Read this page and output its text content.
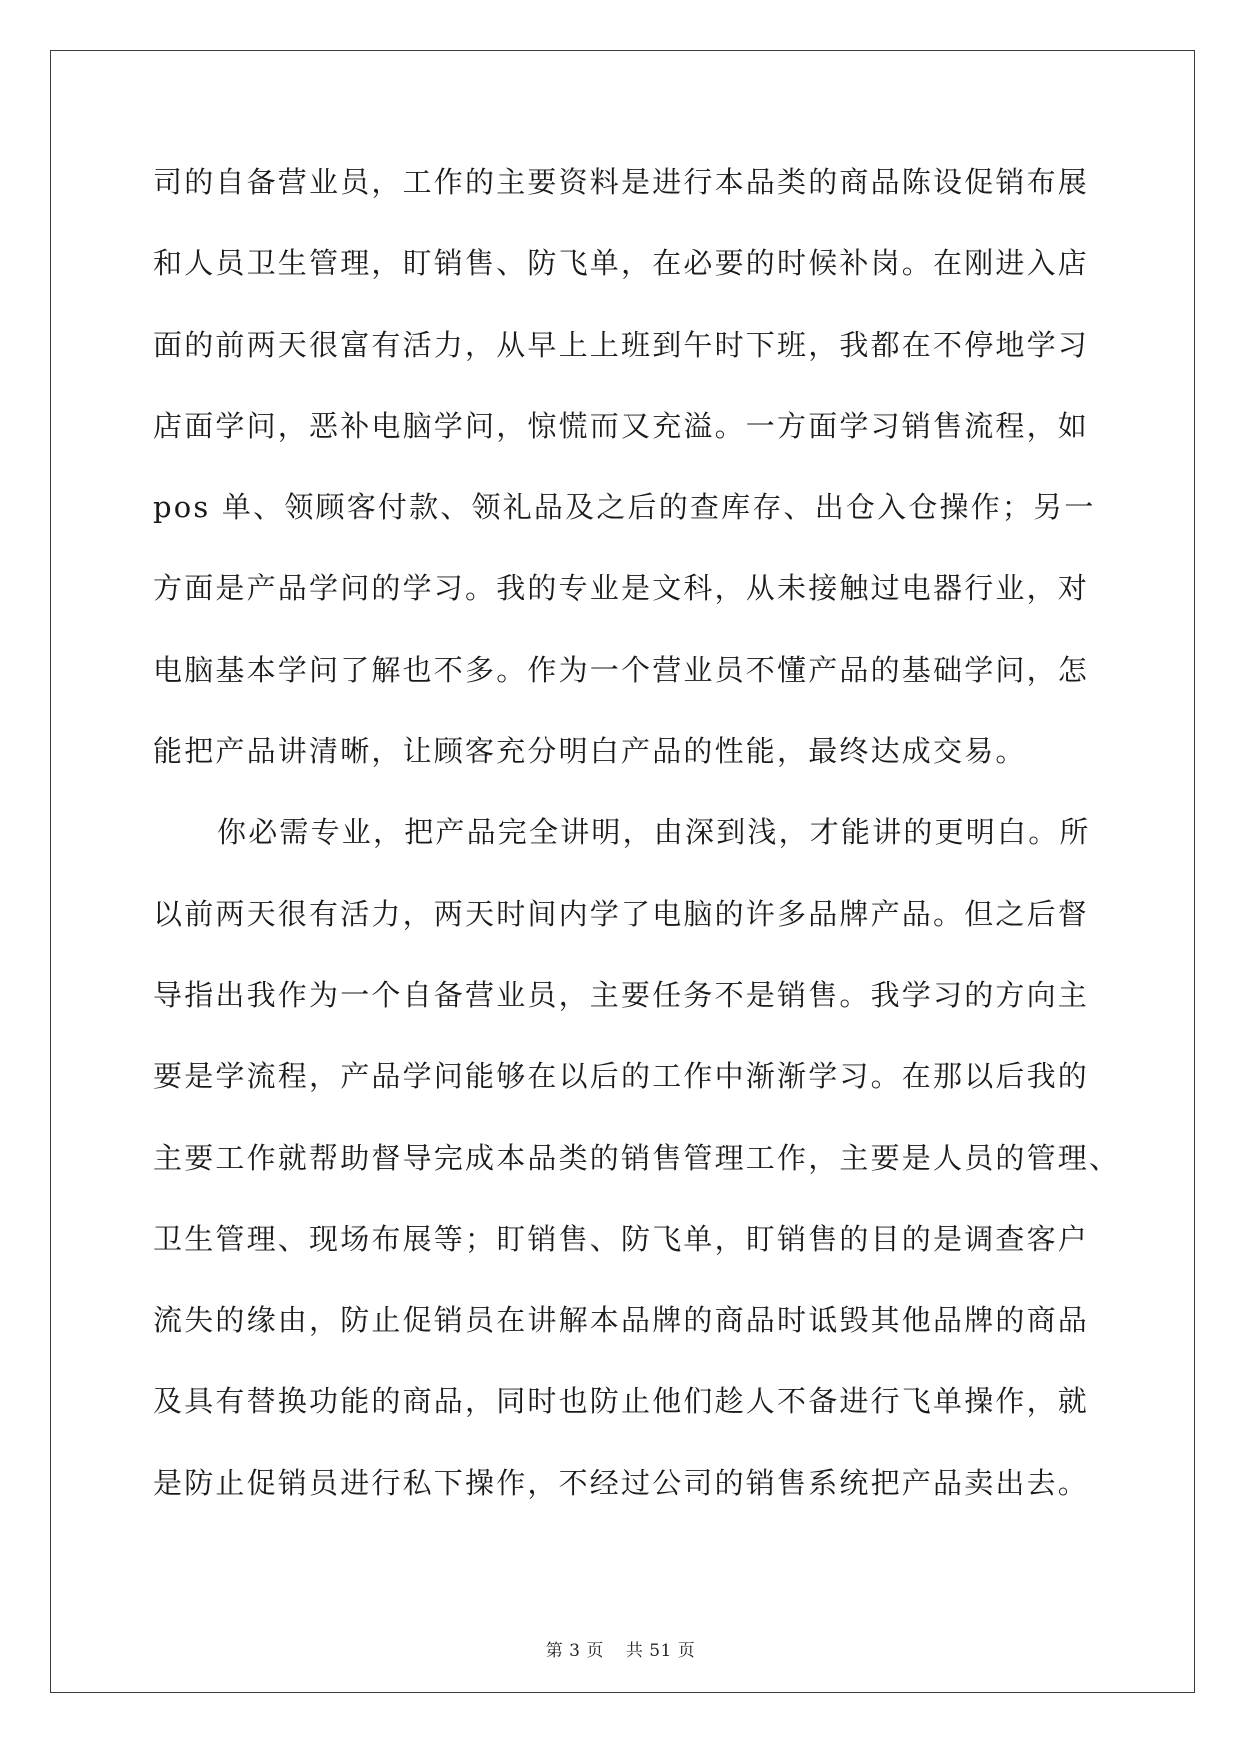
司的自备营业员，工作的主要资料是进行本品类的商品陈设促销布展
和人员卫生管理，盯销售、防飞单，在必要的时候补岗。在刚进入店
面的前两天很富有活力，从早上上班到午时下班，我都在不停地学习
店面学问，恶补电脑学问，惊慌而又充溢。一方面学习销售流程，如
pos 单、领顾客付款、领礼品及之后的查库存、出仓入仓操作；另一
方面是产品学问的学习。我的专业是文科，从未接触过电器行业，对
电脑基本学问了解也不多。作为一个营业员不懂产品的基础学问，怎
能把产品讲清晰，让顾客充分明白产品的性能，最终达成交易。
你必需专业，把产品完全讲明，由深到浅，才能讲的更明白。所
以前两天很有活力，两天时间内学了电脑的许多品牌产品。但之后督
导指出我作为一个自备营业员，主要任务不是销售。我学习的方向主
要是学流程，产品学问能够在以后的工作中渐渐学习。在那以后我的
主要工作就帮助督导完成本品类的销售管理工作，主要是人员的管理、
卫生管理、现场布展等；盯销售、防飞单，盯销售的目的是调查客户
流失的缘由，防止促销员在讲解本品牌的商品时诋毁其他品牌的商品
及具有替换功能的商品，同时也防止他们趁人不备进行飞单操作，就
是防止促销员进行私下操作，不经过公司的销售系统把产品卖出去。
第 3 页 共 51 页
